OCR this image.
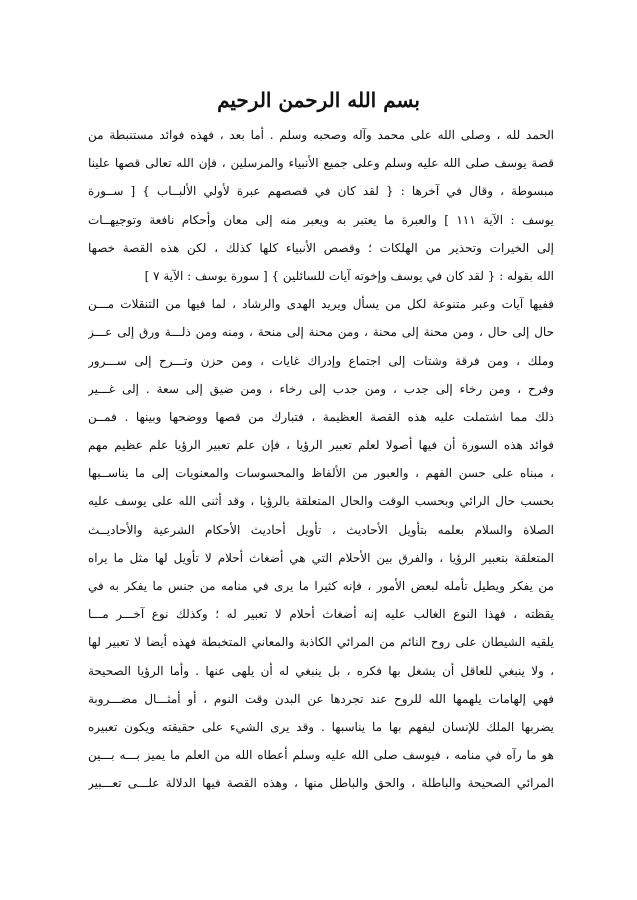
بسم الله الرحمن الرحيم
الحمد لله ، وصلى الله على محمد وآله وصحبه وسلم . أما بعد ، فهذه فوائد مستنبطة من
قصة يوسف صلى الله عليه وسلم وعلى جميع الأنبياء والمرسلين ، فإن الله تعالى قصها علينا
مبسوطة ، وقال في آخرها : { لقد كان في قصصهم عبرة لأولي الألبــاب } [ ســورة
يوسف : الآية ١١١ ] والعبرة ما يعتبر به ويعبر منه إلى معان وأحكام نافعة وتوجيهــات
إلى الخيرات وتحذير من الهلكات ؛ وقصص الأنبياء كلها كذلك ، لكن هذه القصة خصها
الله بقوله : { لقد كان في يوسف وإخوته آيات للسائلين } [ سورة يوسف : الآية ٧ ]
ففيها آيات وعبر متنوعة لكل من يسأل ويريد الهدى والرشاد ، لما فيها من التنقلات مـــن
حال إلى حال ، ومن محنة إلى محنة ، ومن محنة إلى منحة ، ومنه ومن ذلـــة ورق إلى عـــز
وملك ، ومن فرقة وشتات إلى اجتماع وإدراك غايات ، ومن حزن وتـــرح إلى ســـرور
وفرح ، ومن رخاء إلى جدب ، ومن جدب إلى رخاء ، ومن ضيق إلى سعة . إلى غـــير
ذلك مما اشتملت عليه هذه القصة العظيمة ، فتبارك من قصها ووضحها وبينها . فمــن
فوائد هذه السورة أن فيها أصولا لعلم تعبير الرؤيا ، فإن علم تعبير الرؤيا علم عظيم مهم
، مبناه على حسن الفهم ، والعبور من الألفاظ والمحسوسات والمعنويات إلى ما يناســبها
بحسب حال الرائي وبحسب الوقت والحال المتعلقة بالرؤيا ، وقد أثنى الله على يوسف عليه
الصلاة والسلام بعلمه بتأويل الأحاديث ، تأويل أحاديث الأحكام الشرعية والأحاديــث
المتعلقة بتعبير الرؤيا ، والفرق بين الأحلام التي هي أضغاث أحلام لا تأويل لها مثل ما يراه
من يفكر ويطيل تأمله لبعض الأمور ، فإنه كثيرا ما يرى في منامه من جنس ما يفكر به في
يقظته ، فهذا النوع الغالب عليه إنه أضغاث أحلام لا تعبير له ؛ وكذلك نوع آخـــر مـــا
يلقيه الشيطان على روح النائم من المرائي الكاذبة والمعاني المتخبطة فهذه أيضا لا تعبير لها
، ولا ينبغي للعاقل أن يشغل بها فكره ، بل ينبغي له أن يلهى عنها . وأما الرؤيا الصحيحة
فهي إلهامات يلهمها الله للروح عند تجردها عن البدن وقت النوم ، أو أمثـــال مضـــروبة
يضربها الملك للإنسان ليفهم بها ما يناسبها . وقد يرى الشيء على حقيقته ويكون تعبيره
هو ما رآه في منامه ، فيوسف صلى الله عليه وسلم أعطاه الله من العلم ما يميز بـــه بـــين
المرائي الصحيحة والباطلة ، والحق والباطل منها ، وهذه القصة فيها الدلالة علـــى تعـــبير
